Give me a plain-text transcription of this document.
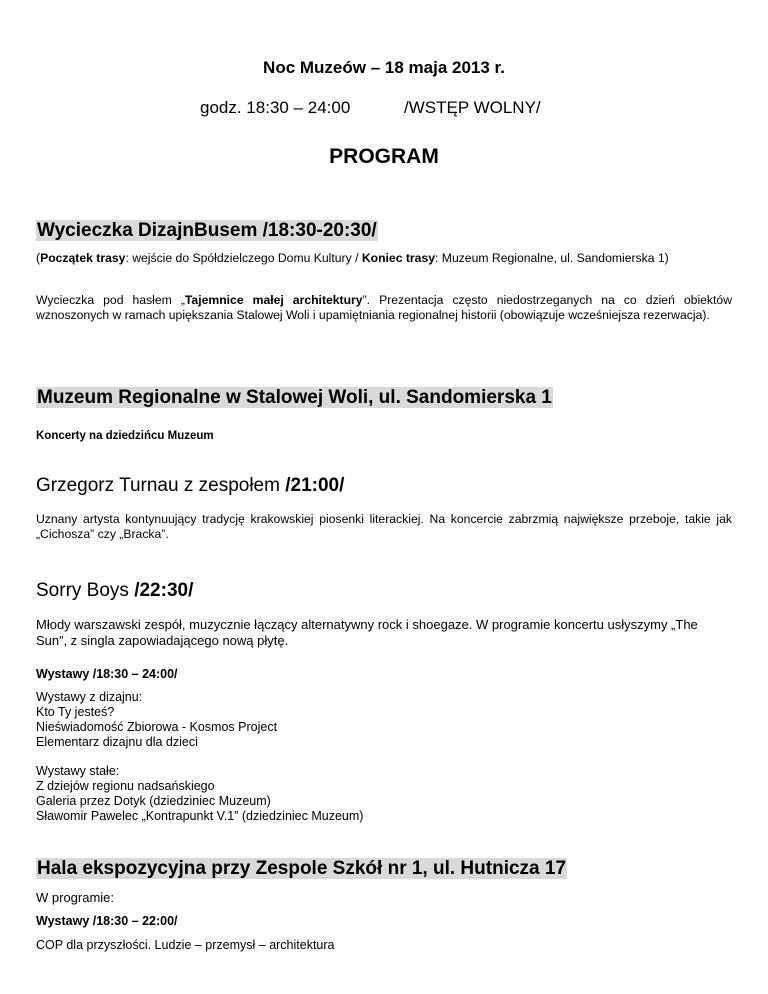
Noc Muzeów – 18 maja 2013 r.
godz. 18:30 – 24:00	/WSTĘP WOLNY/
PROGRAM
Wycieczka DizajnBusem /18:30-20:30/
(Początek trasy: wejście do Spółdzielczego Domu Kultury / Koniec trasy: Muzeum Regionalne, ul. Sandomierska 1)
Wycieczka pod hasłem „Tajemnice małej architektury”. Prezentacja często niedostrzeganych na co dzień obiektów wznoszonych w ramach upiększania Stalowej Woli i upamiętniania regionalnej historii (obowiązuje wcześniejsza rezerwacja).
Muzeum Regionalne w Stalowej Woli, ul. Sandomierska 1
Koncerty na dziedzińcu Muzeum
Grzegorz Turnau z zespołem /21:00/
Uznany artysta kontynuujący tradycję krakowskiej piosenki literackiej. Na koncercie zabrzmią największe przeboje, takie jak „Cichosza” czy „Bracka”.
Sorry Boys /22:30/
Młody warszawski zespół, muzycznie łączący alternatywny rock i shoegaze. W programie koncertu usłyszymy „The Sun”, z singla zapowiadającego nową płytę.
Wystawy /18:30 – 24:00/
Wystawy z dizajnu:
Kto Ty jesteś?
Nieświadomość Zbiorowa - Kosmos Project
Elementarz dizajnu dla dzieci
Wystawy stałe:
Z dziejów regionu nadsańskiego
Galeria przez Dotyk (dziedziniec Muzeum)
Sławomir Pawelec „Kontrapunkt V.1” (dziedziniec Muzeum)
Hala ekspozycyjna przy Zespole Szkół nr 1, ul. Hutnicza 17
W programie:
Wystawy /18:30 – 22:00/
COP dla przyszłości. Ludzie – przemysł – architektura
